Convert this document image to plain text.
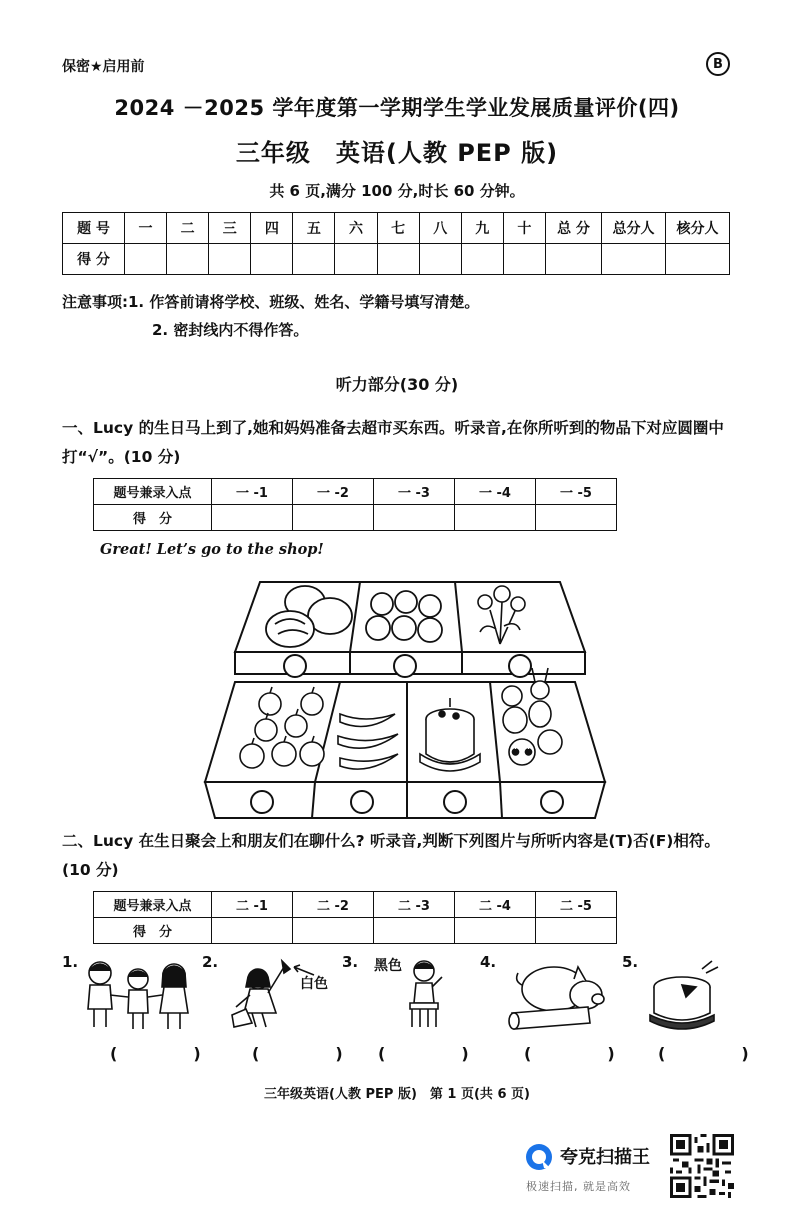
保密★启用前	B
2024 －2025 学年度第一学期学生学业发展质量评价(四)
三年级　英语(人教 PEP 版)
共 6 页,满分 100 分,时长 60 分钟。
题 号	一	二	三	四	五	六	七	八	九	十	总 分	总分人	核分人
得 分													
注意事项:1. 作答前请将学校、班级、姓名、学籍号填写清楚。
2. 密封线内不得作答。
听力部分(30 分)
一、Lucy 的生日马上到了,她和妈妈准备去超市买东西。听录音,在你所听到的物品下对应圆圈中打“√”。(10 分)
题号兼录入点	一 -1	一 -2	一 -3	一 -4	一 -5
得　分					
Great! Let’s go to the shop!
二、Lucy 在生日聚会上和朋友们在聊什么? 听录音,判断下列图片与所听内容是(T)否(F)相符。(10 分)
题号兼录入点	二 -1	二 -2	二 -3	二 -4	二 -5
得　分					
1.
(　)
2.
白色
(　)
3. 黑色
(　)
4.
(　)
5.
(　)
三年级英语(人教 PEP 版)　第 1 页(共 6 页)
夸克扫描王
极速扫描, 就是高效
